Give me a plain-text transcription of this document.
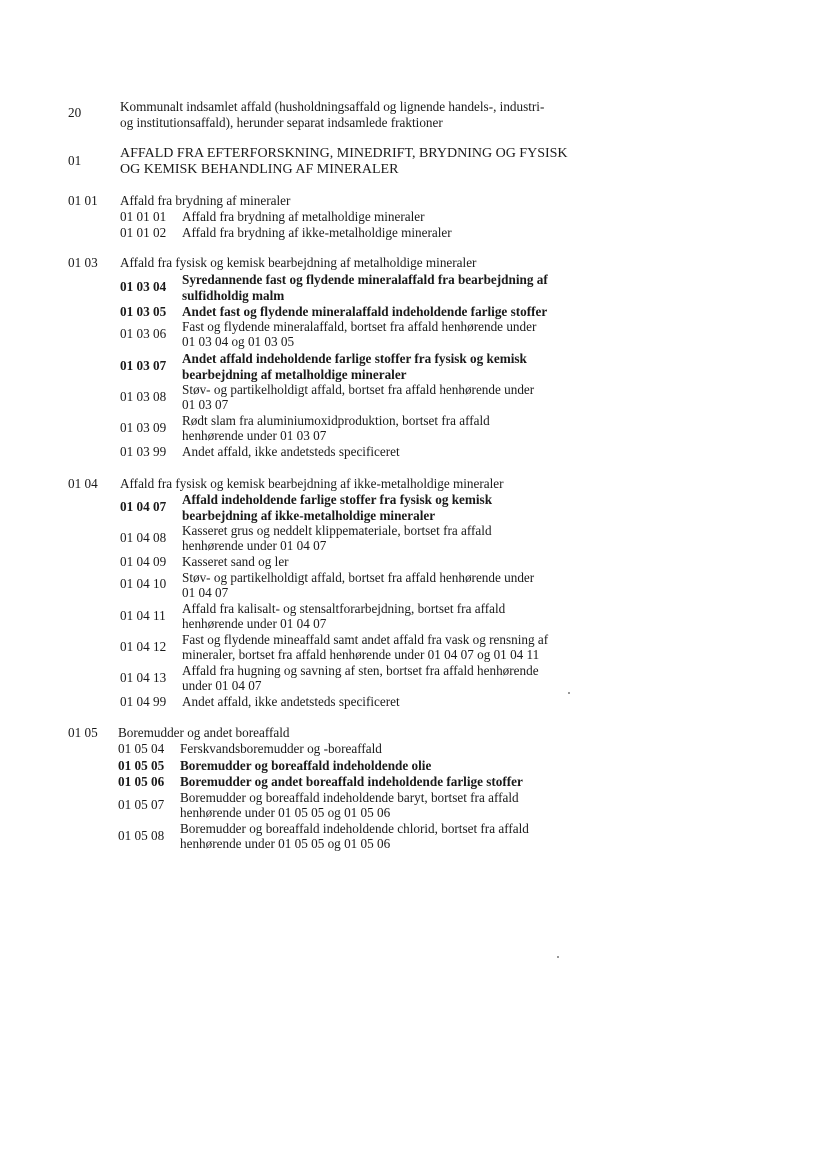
20	Kommunalt indsamlet affald (husholdningsaffald og lignende handels-, industri-
og institutionsaffald), herunder separat indsamlede fraktioner
01	AFFALD FRA EFTERFORSKNING, MINEDRIFT, BRYDNING OG FYSISK
OG KEMISK BEHANDLING AF MINERALER
01 01 Affald fra brydning af mineraler
01 01 01 Affald fra brydning af metalholdige mineraler
01 01 02 Affald fra brydning af ikke-metalholdige mineraler
01 03 Affald fra fysisk og kemisk bearbejdning af metalholdige mineraler
01 03 04 Syredannende fast og flydende mineralaffald fra bearbejdning af
sulfidholdig malm
01 03 05 Andet fast og flydende mineralaffald indeholdende farlige stoffer
01 03 06 Fast og flydende mineralaffald, bortset fra affald henhørende under
01 03 04 og 01 03 05
01 03 07 Andet affald indeholdende farlige stoffer fra fysisk og kemisk
bearbejdning af metalholdige mineraler
01 03 08 Støv- og partikelholdigt affald, bortset fra affald henhørende under
01 03 07
01 03 09 Rødt slam fra aluminiumoxidproduktion, bortset fra affald
henhørende under 01 03 07
01 03 99 Andet affald, ikke andetsteds specificeret
01 04 Affald fra fysisk og kemisk bearbejdning af ikke-metalholdige mineraler
01 04 07 Affald indeholdende farlige stoffer fra fysisk og kemisk
bearbejdning af ikke-metalholdige mineraler
01 04 08 Kasseret grus og neddelt klippemateriale, bortset fra affald
henhørende under 01 04 07
01 04 09 Kasseret sand og ler
01 04 10 Støv- og partikelholdigt affald, bortset fra affald henhørende under
01 04 07
01 04 11 Affald fra kalisalt- og stensaltforarbejdning, bortset fra affald
henhørende under 01 04 07
01 04 12 Fast og flydende mineaffald samt andet affald fra vask og rensning af
mineraler, bortset fra affald henhørende under 01 04 07 og 01 04 11
01 04 13 Affald fra hugning og savning af sten, bortset fra affald henhørende
under 01 04 07
01 04 99 Andet affald, ikke andetsteds specificeret
01 05 Boremudder og andet boreaffald
01 05 04 Ferskvandsboremudder og -boreaffald
01 05 05 Boremudder og boreaffald indeholdende olie
01 05 06 Boremudder og andet boreaffald indeholdende farlige stoffer
01 05 07 Boremudder og boreaffald indeholdende baryt, bortset fra affald
henhørende under 01 05 05 og 01 05 06
01 05 08 Boremudder og boreaffald indeholdende chlorid, bortset fra affald
henhørende under 01 05 05 og 01 05 06
